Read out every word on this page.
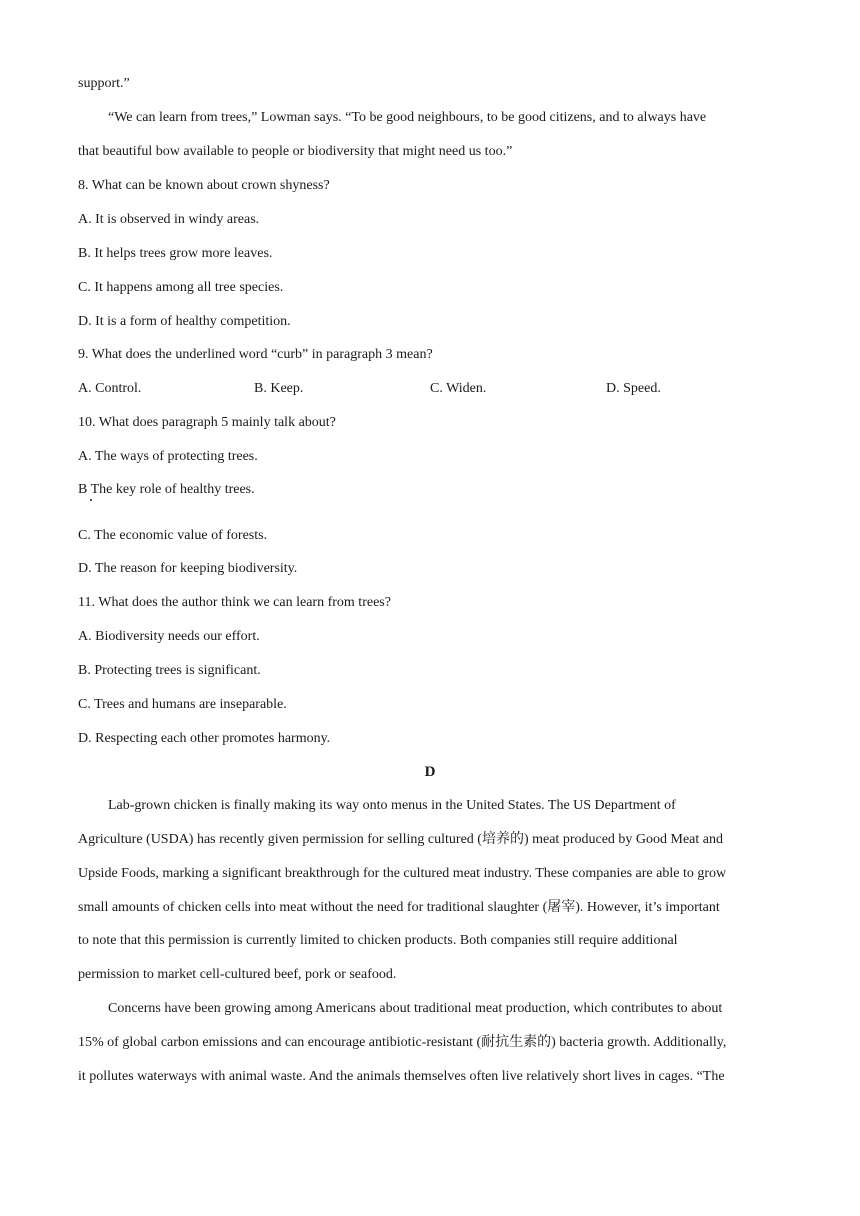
support.”
“We can learn from trees,” Lowman says. “To be good neighbours, to be good citizens, and to always have
that beautiful bow available to people or biodiversity that might need us too.”
8. What can be known about crown shyness?
A. It is observed in windy areas.
B. It helps trees grow more leaves.
C. It happens among all tree species.
D. It is a form of healthy competition.
9. What does the underlined word “curb” in paragraph 3 mean?
A. Control.	B. Keep.	C. Widen.	D. Speed.
10. What does paragraph 5 mainly talk about?
A. The ways of protecting trees.
B The key role of healthy trees.
C. The economic value of forests.
D. The reason for keeping biodiversity.
11. What does the author think we can learn from trees?
A. Biodiversity needs our effort.
B. Protecting trees is significant.
C. Trees and humans are inseparable.
D. Respecting each other promotes harmony.
D
Lab-grown chicken is finally making its way onto menus in the United States. The US Department of
Agriculture (USDA) has recently given permission for selling cultured (培养的) meat produced by Good Meat and
Upside Foods, marking a significant breakthrough for the cultured meat industry. These companies are able to grow
small amounts of chicken cells into meat without the need for traditional slaughter (屠宰). However, it’s important
to note that this permission is currently limited to chicken products. Both companies still require additional
permission to market cell-cultured beef, pork or seafood.
Concerns have been growing among Americans about traditional meat production, which contributes to about
15% of global carbon emissions and can encourage antibiotic-resistant (耐抗生素的) bacteria growth. Additionally,
it pollutes waterways with animal waste. And the animals themselves often live relatively short lives in cages. “The
